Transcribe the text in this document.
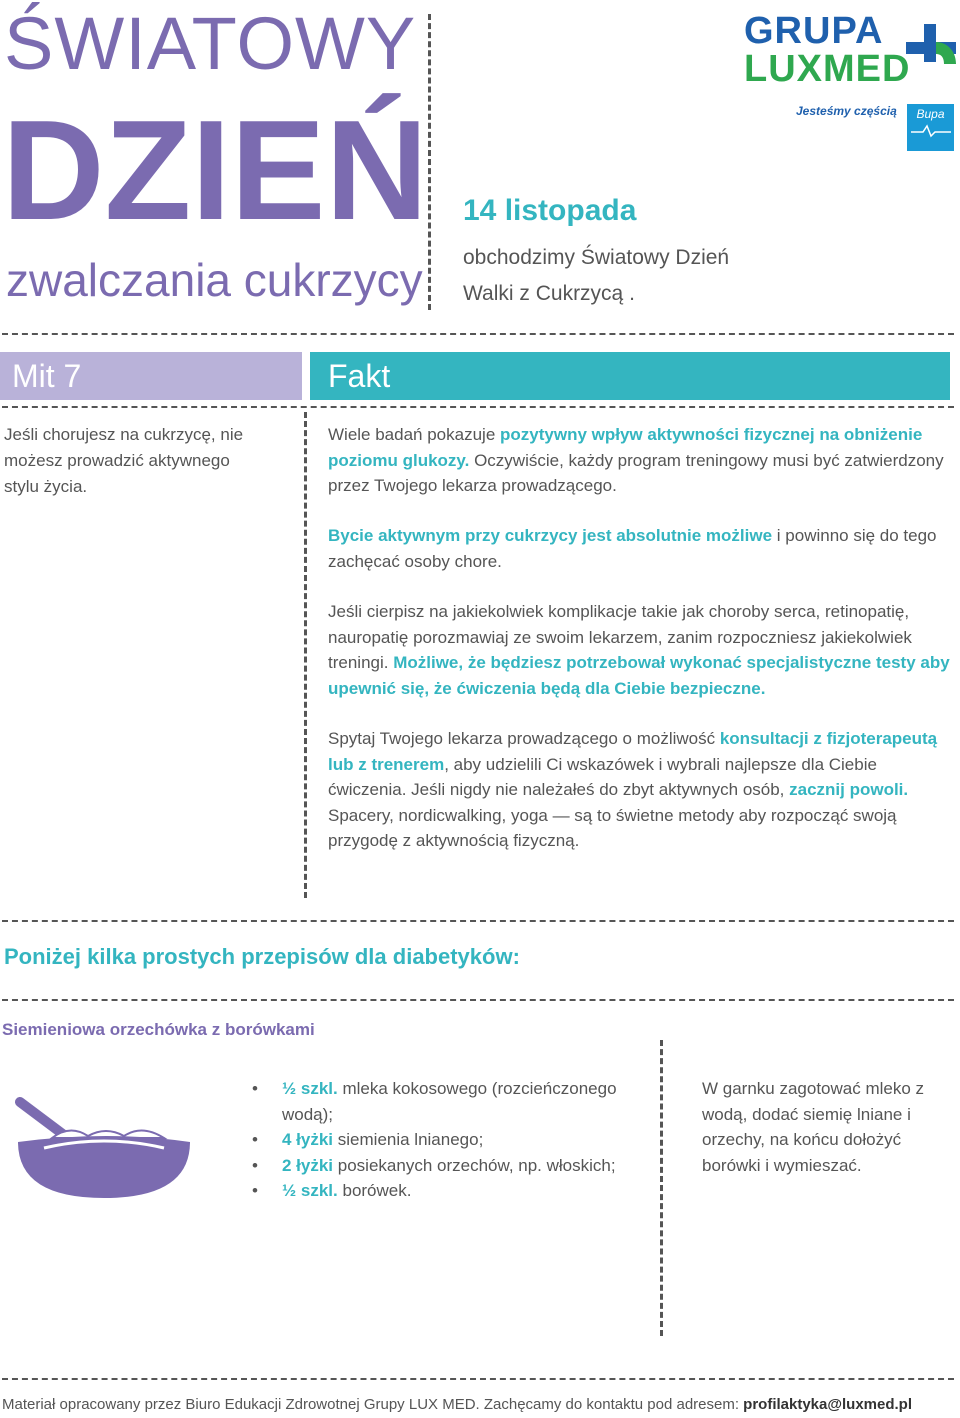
ŚWIATOWY
DZIEŃ
zwalczania cukrzycy
14 listopada
obchodzimy Światowy Dzień
Walki z Cukrzycą .
GRUPA
LUXMED
Jesteśmy częścią	Bupa
Mit 7	Fakt
Jeśli chorujesz na cukrzycę, nie możesz prowadzić aktywnego stylu życia.
Wiele badań pokazuje pozytywny wpływ aktywności fizycznej na obniżenie poziomu glukozy. Oczywiście, każdy program treningowy musi być zatwierdzony przez Twojego lekarza prowadzącego.
Bycie aktywnym przy cukrzycy jest absolutnie możliwe i powinno się do tego zachęcać osoby chore.
Jeśli cierpisz na jakiekolwiek komplikacje takie jak choroby serca, retinopatię, nauropatię porozmawiaj ze swoim lekarzem, zanim rozpoczniesz jakiekolwiek treningi. Możliwe, że będziesz potrzebował wykonać specjalistyczne testy aby upewnić się, że ćwiczenia będą dla Ciebie bezpieczne.
Spytaj Twojego lekarza prowadzącego o możliwość konsultacji z fizjoterapeutą lub z trenerem, aby udzielili Ci wskazówek i wybrali najlepsze dla Ciebie ćwiczenia. Jeśli nigdy nie należałeś do zbyt aktywnych osób, zacznij powoli. Spacery, nordicwalking, yoga — są to świetne metody aby rozpocząć swoją przygodę z aktywnością fizyczną.
Poniżej kilka prostych przepisów dla diabetyków:
Siemieniowa orzechówka z borówkami
• ½ szkl. mleka kokosowego (rozcieńczonego wodą);
• 4 łyżki siemienia lnianego;
• 2 łyżki posiekanych orzechów, np. włoskich;
• ½ szkl. borówek.
W garnku zagotować mleko z wodą, dodać siemię lniane i orzechy, na końcu dołożyć borówki i wymieszać.
Materiał opracowany przez Biuro Edukacji Zdrowotnej Grupy LUX MED. Zachęcamy do kontaktu pod adresem: profilaktyka@luxmed.pl
